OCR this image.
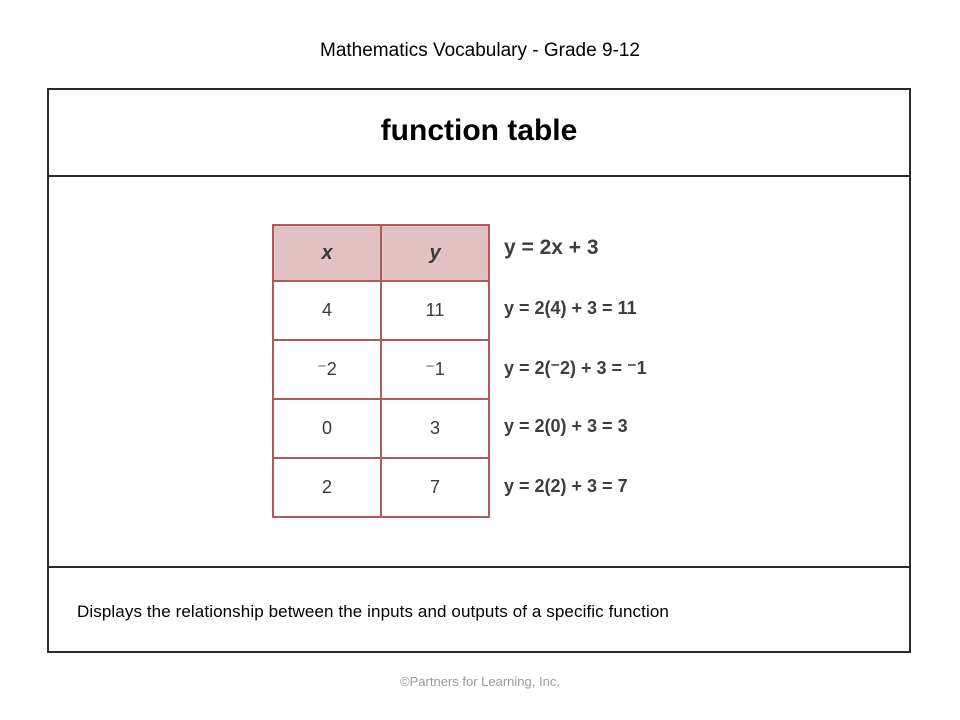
Mathematics Vocabulary - Grade 9-12
function table
Displays the relationship between the inputs and outputs of a specific function
x	y
4	11
⁻2	⁻1
0	3
2	7
y = 2x + 3
y = 2(4) + 3 = 11
y = 2(⁻2) + 3 = ⁻1
y = 2(0) + 3 = 3
y = 2(2) + 3 = 7
©Partners for Learning, Inc.
